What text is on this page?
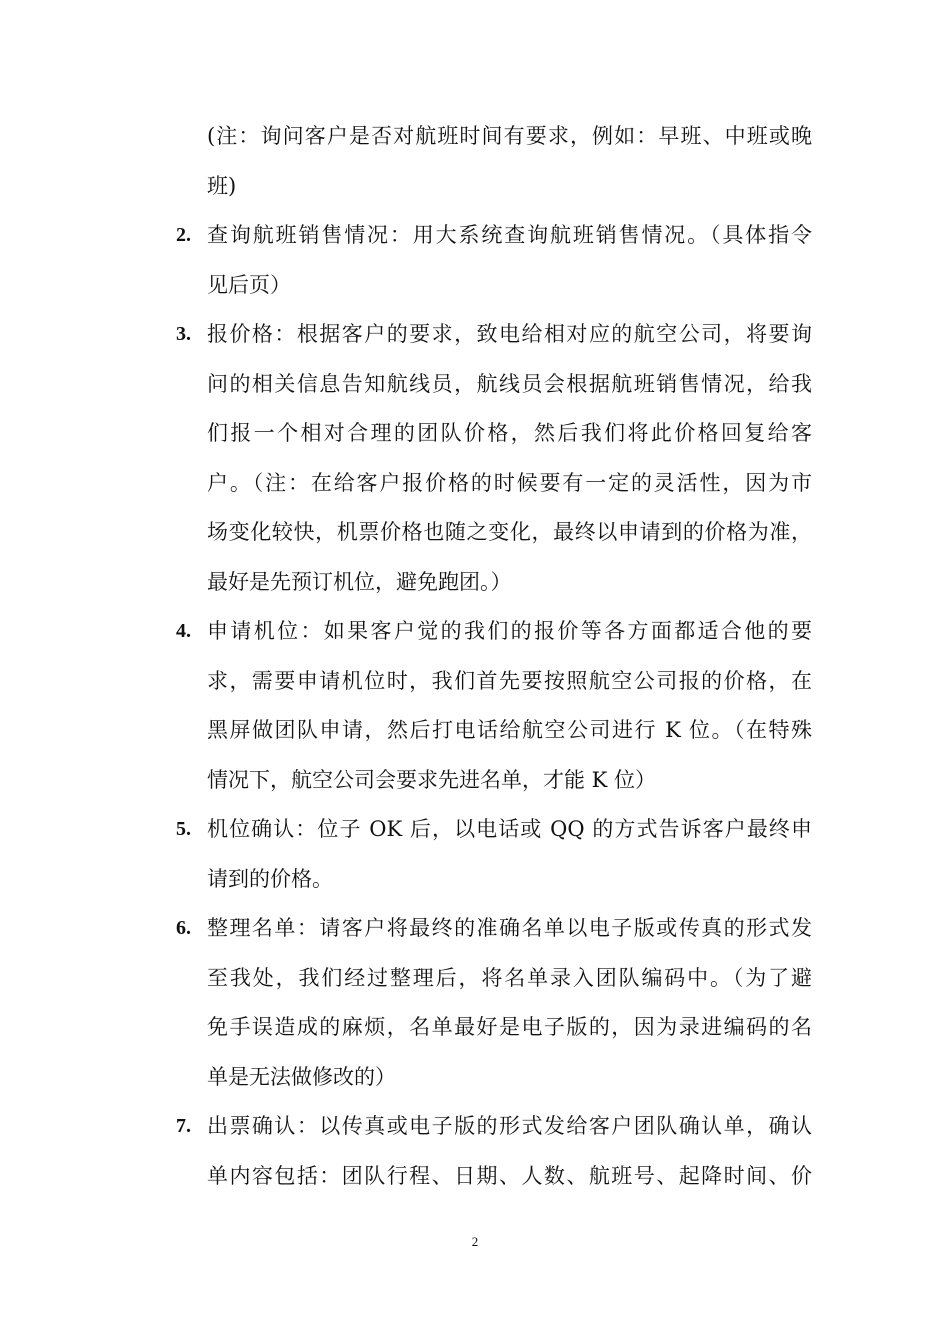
(注：询问客户是否对航班时间有要求，例如：早班、中班或晚
班)
2. 查询航班销售情况：用大系统查询航班销售情况。（具体指令
见后页）
3. 报价格：根据客户的要求，致电给相对应的航空公司，将要询
问的相关信息告知航线员，航线员会根据航班销售情况，给我
们报一个相对合理的团队价格，然后我们将此价格回复给客
户。（注：在给客户报价格的时候要有一定的灵活性，因为市
场变化较快，机票价格也随之变化，最终以申请到的价格为准，
最好是先预订机位，避免跑团。）
4. 申请机位：如果客户觉的我们的报价等各方面都适合他的要
求，需要申请机位时，我们首先要按照航空公司报的价格，在
黑屏做团队申请，然后打电话给航空公司进行 K 位。（在特殊
情况下，航空公司会要求先进名单，才能 K 位）
5. 机位确认：位子 OK 后，以电话或 QQ 的方式告诉客户最终申
请到的价格。
6. 整理名单：请客户将最终的准确名单以电子版或传真的形式发
至我处，我们经过整理后，将名单录入团队编码中。（为了避
免手误造成的麻烦，名单最好是电子版的，因为录进编码的名
单是无法做修改的）
7. 出票确认：以传真或电子版的形式发给客户团队确认单，确认
单内容包括：团队行程、日期、人数、航班号、起降时间、价
2
